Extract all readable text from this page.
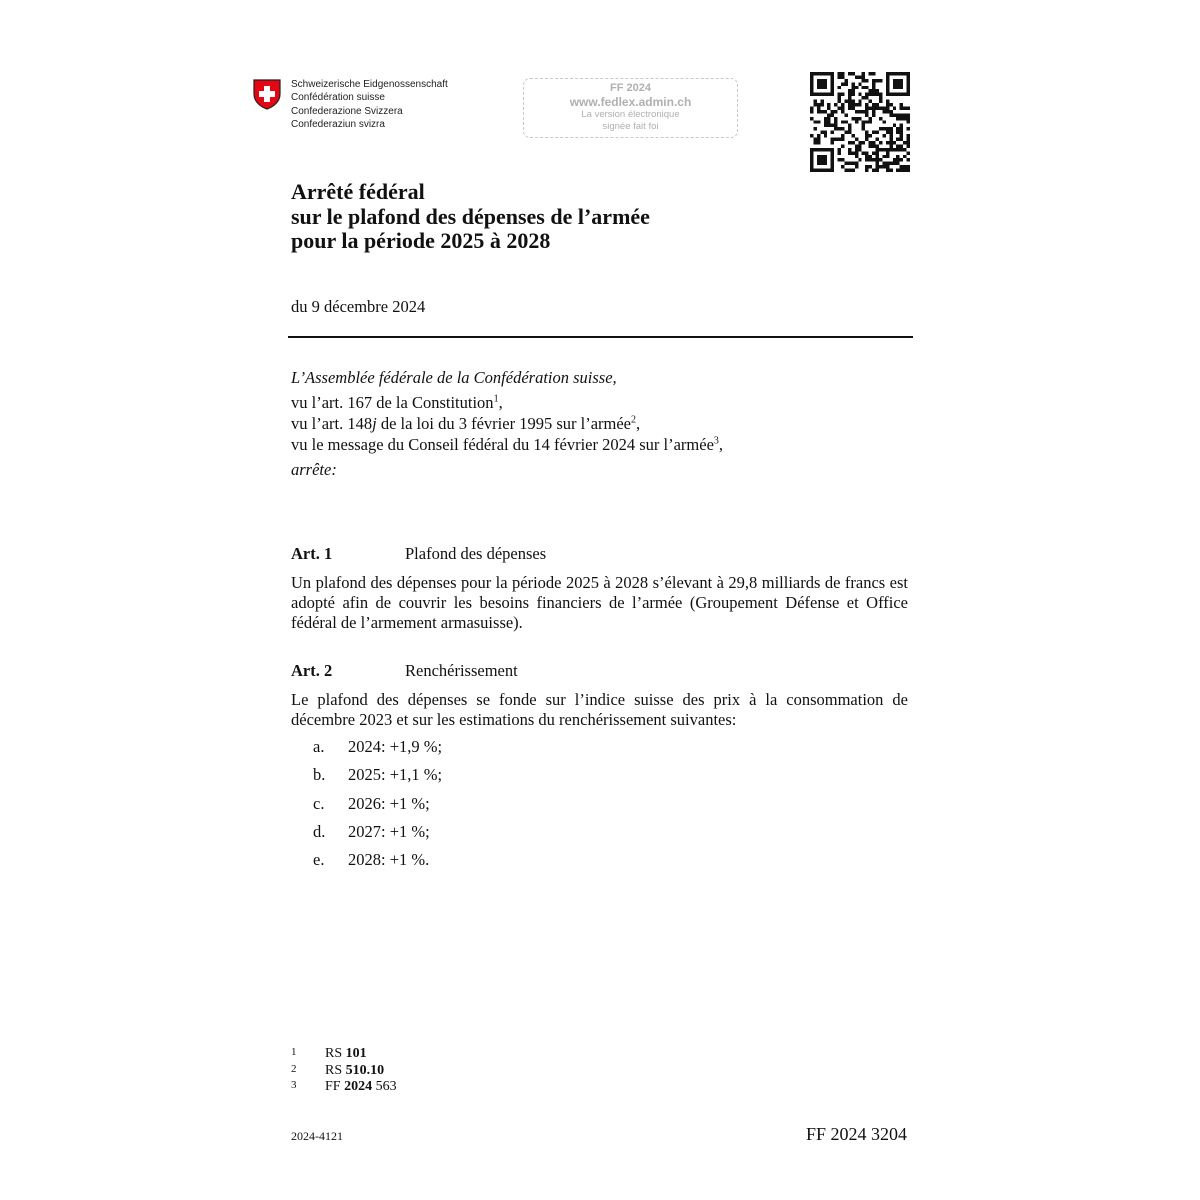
Schweizerische Eidgenossenschaft
Confédération suisse
Confederazione Svizzera
Confederaziun svizra
FF 2024
www.fedlex.admin.ch
La version électronique
signée fait foi
Arrêté fédéral
sur le plafond des dépenses de l’armée
pour la période 2025 à 2028
du 9 décembre 2024
L’Assemblée fédérale de la Confédération suisse,
vu l’art. 167 de la Constitution$^1$,
vu l’art. 148j de la loi du 3 février 1995 sur l’armée$^2$,
vu le message du Conseil fédéral du 14 février 2024 sur l’armée$^3$,
arrête:
Art. 1	Plafond des dépenses
Un plafond des dépenses pour la période 2025 à 2028 s’élevant à 29,8 milliards de francs est adopté afin de couvrir les besoins financiers de l’armée (Groupement Défense et Office fédéral de l’armement armasuisse).
Art. 2	Renchérissement
Le plafond des dépenses se fonde sur l’indice suisse des prix à la consommation de décembre 2023 et sur les estimations du renchérissement suivantes:
a. 2024: +1,9 %;
b. 2025: +1,1 %;
c. 2026: +1 %;
d. 2027: +1 %;
e. 2028: +1 %.
1 RS 101
2 RS 510.10
3 FF 2024 563
2024-4121	FF 2024 3204
